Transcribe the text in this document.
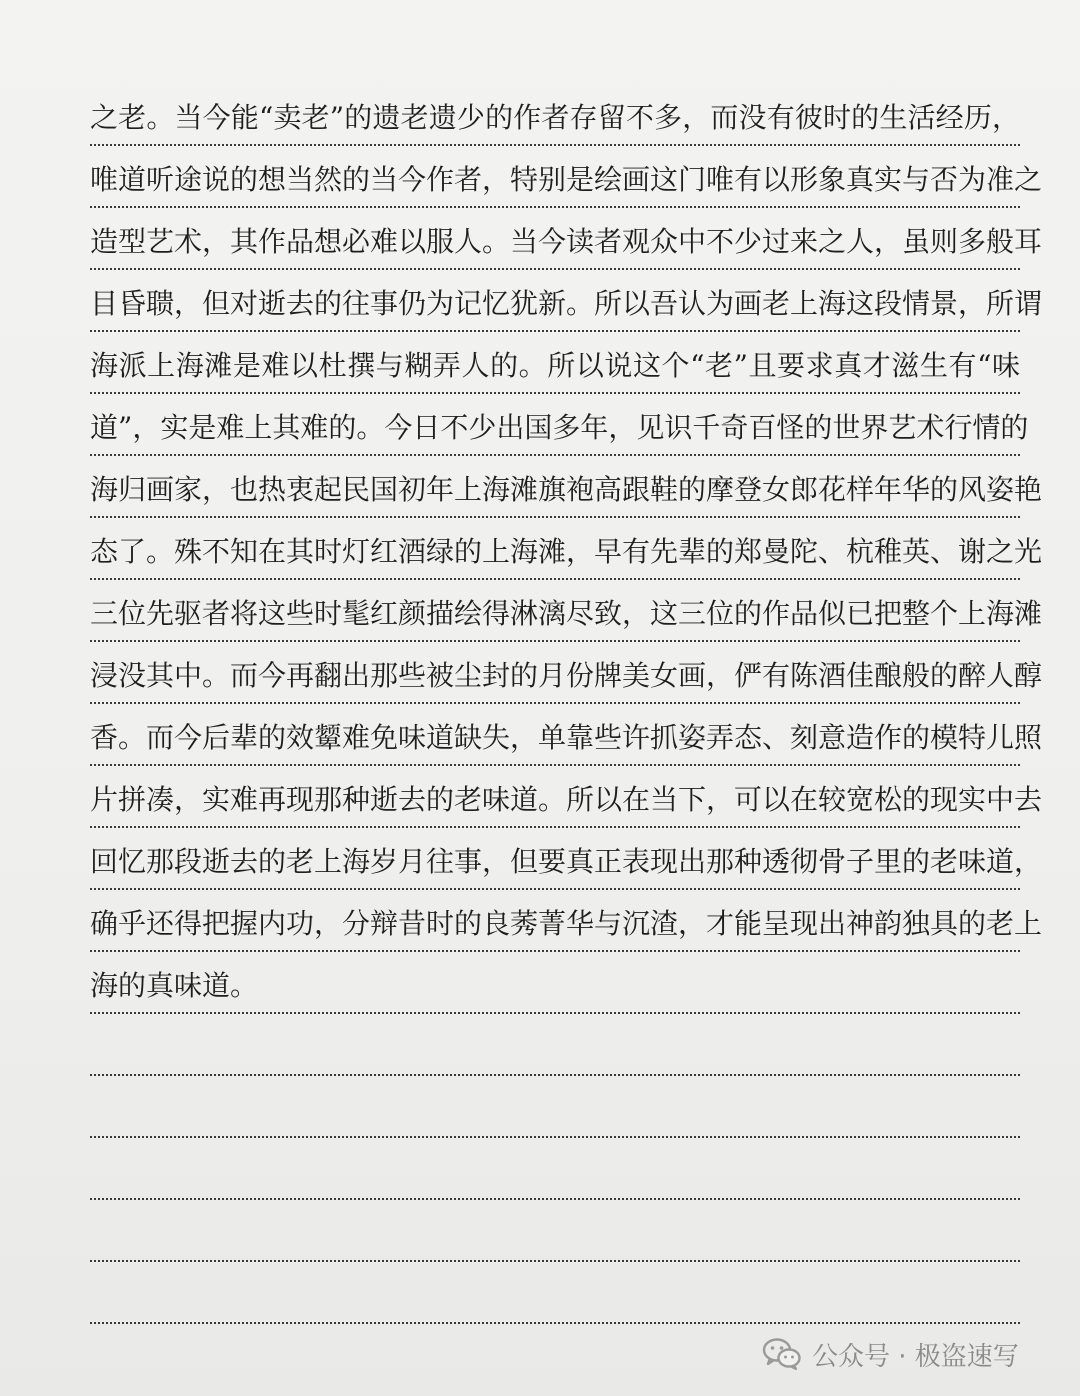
之老。当今能“卖老”的遗老遗少的作者存留不多，而没有彼时的生活经历，
唯道听途说的想当然的当今作者，特别是绘画这门唯有以形象真实与否为准之
造型艺术，其作品想必难以服人。当今读者观众中不少过来之人，虽则多般耳
目昏聩，但对逝去的往事仍为记忆犹新。所以吾认为画老上海这段情景，所谓
海派上海滩是难以杜撰与糊弄人的。所以说这个“老”且要求真才滋生有“味
道”，实是难上其难的。今日不少出国多年，见识千奇百怪的世界艺术行情的
海归画家，也热衷起民国初年上海滩旗袍高跟鞋的摩登女郎花样年华的风姿艳
态了。殊不知在其时灯红酒绿的上海滩，早有先辈的郑曼陀、杭稚英、谢之光
三位先驱者将这些时髦红颜描绘得淋漓尽致，这三位的作品似已把整个上海滩
浸没其中。而今再翻出那些被尘封的月份牌美女画，俨有陈酒佳酿般的醉人醇
香。而今后辈的效颦难免味道缺失，单靠些许抓姿弄态、刻意造作的模特儿照
片拼凑，实难再现那种逝去的老味道。所以在当下，可以在较宽松的现实中去
回忆那段逝去的老上海岁月往事，但要真正表现出那种透彻骨子里的老味道，
确乎还得把握内功，分辩昔时的良莠菁华与沉渣，才能呈现出神韵独具的老上
海的真味道。
公众号 · 极盗速写
